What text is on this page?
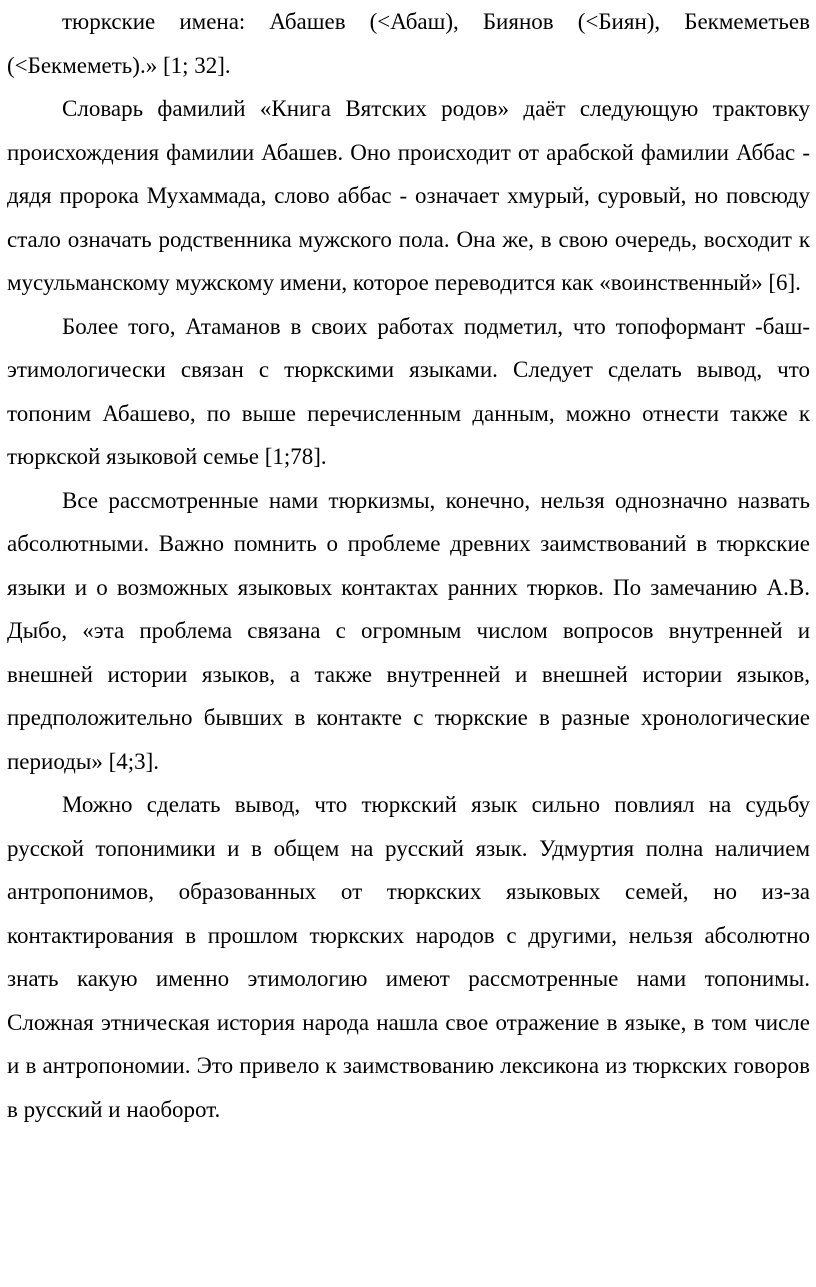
тюркские имена: Абашев (<Абаш), Биянов (<Биян), Бекмеметьев (<Бекмеметь).» [1; 32].

Словарь фамилий «Книга Вятских родов» даёт следующую трактовку происхождения фамилии Абашев. Оно происходит от арабской фамилии Аббас - дядя пророка Мухаммада, слово аббас - означает хмурый, суровый, но повсюду стало означать родственника мужского пола. Она же, в свою очередь, восходит к мусульманскому мужскому имени, которое переводится как «воинственный» [6].

Более того, Атаманов в своих работах подметил, что топоформант -баш- этимологически связан с тюркскими языками. Следует сделать вывод, что топоним Абашево, по выше перечисленным данным, можно отнести также к тюркской языковой семье [1;78].

Все рассмотренные нами тюркизмы, конечно, нельзя однозначно назвать абсолютными. Важно помнить о проблеме древних заимствований в тюркские языки и о возможных языковых контактах ранних тюрков. По замечанию А.В. Дыбо, «эта проблема связана с огромным числом вопросов внутренней и внешней истории языков, а также внутренней и внешней истории языков, предположительно бывших в контакте с тюркские в разные хронологические периоды» [4;3].

Можно сделать вывод, что тюркский язык сильно повлиял на судьбу русской топонимики и в общем на русский язык. Удмуртия полна наличием антропонимов, образованных от тюркских языковых семей, но из-за контактирования в прошлом тюркских народов с другими, нельзя абсолютно знать какую именно этимологию имеют рассмотренные нами топонимы. Сложная этническая история народа нашла свое отражение в языке, в том числе и в антропономии. Это привело к заимствованию лексикона из тюркских говоров в русский и наоборот.
